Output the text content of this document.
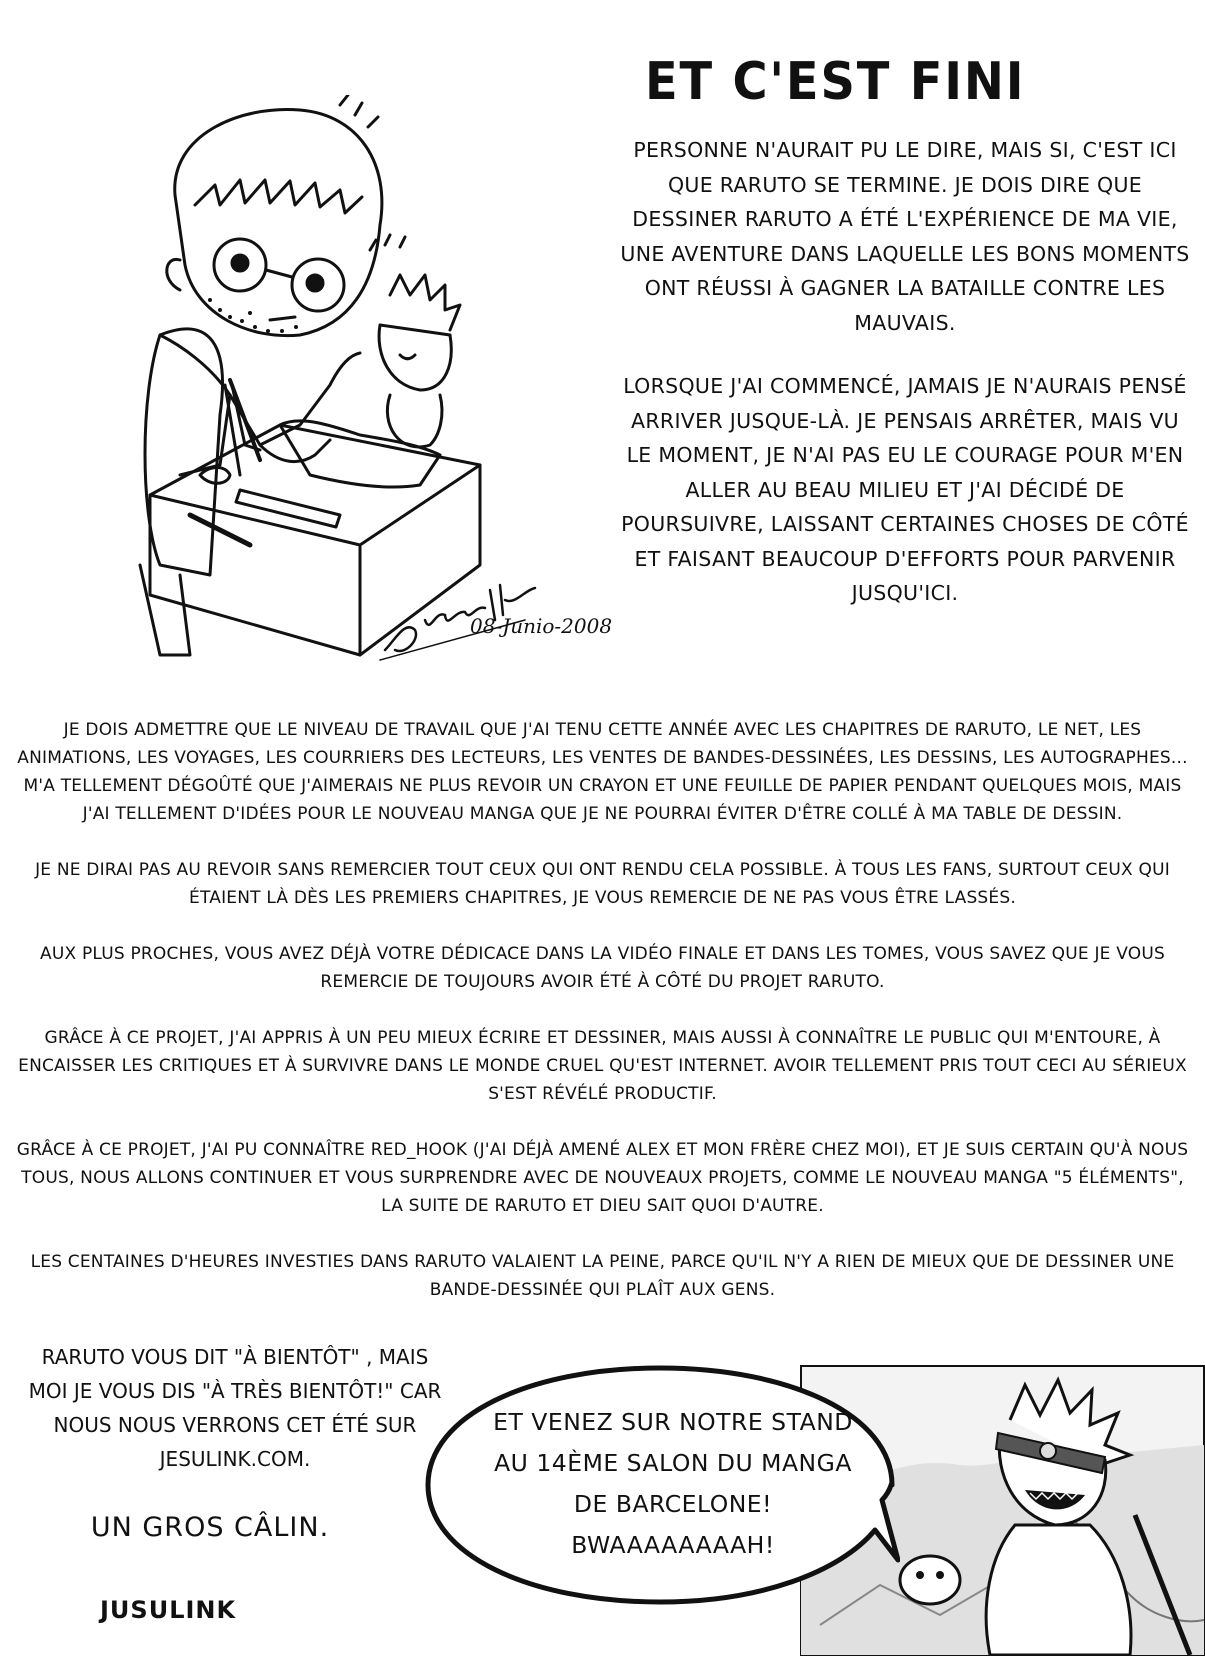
ET C'EST FINI
08-Junio-2008

PERSONNE N'AURAIT PU LE DIRE, MAIS SI, C'EST ICI QUE RARUTO SE TERMINE. JE DOIS DIRE QUE DESSINER RARUTO A ÉTÉ L'EXPÉRIENCE DE MA VIE, UNE AVENTURE DANS LAQUELLE LES BONS MOMENTS ONT RÉUSSI À GAGNER LA BATAILLE CONTRE LES MAUVAIS.

LORSQUE J'AI COMMENCÉ, JAMAIS JE N'AURAIS PENSÉ ARRIVER JUSQUE-LÀ. JE PENSAIS ARRÊTER, MAIS VU LE MOMENT, JE N'AI PAS EU LE COURAGE POUR M'EN ALLER AU BEAU MILIEU ET J'AI DÉCIDÉ DE POURSUIVRE, LAISSANT CERTAINES CHOSES DE CÔTÉ ET FAISANT BEAUCOUP D'EFFORTS POUR PARVENIR JUSQU'ICI.

JE DOIS ADMETTRE QUE LE NIVEAU DE TRAVAIL QUE J'AI TENU CETTE ANNÉE AVEC LES CHAPITRES DE RARUTO, LE NET, LES ANIMATIONS, LES VOYAGES, LES COURRIERS DES LECTEURS, LES VENTES DE BANDES-DESSINÉES, LES DESSINS, LES AUTOGRAPHES... M'A TELLEMENT DÉGOÛTÉ QUE J'AIMERAIS NE PLUS REVOIR UN CRAYON ET UNE FEUILLE DE PAPIER PENDANT QUELQUES MOIS, MAIS J'AI TELLEMENT D'IDÉES POUR LE NOUVEAU MANGA QUE JE NE POURRAI ÉVITER D'ÊTRE COLLÉ À MA TABLE DE DESSIN.

JE NE DIRAI PAS AU REVOIR SANS REMERCIER TOUT CEUX QUI ONT RENDU CELA POSSIBLE. À TOUS LES FANS, SURTOUT CEUX QUI ÉTAIENT LÀ DÈS LES PREMIERS CHAPITRES, JE VOUS REMERCIE DE NE PAS VOUS ÊTRE LASSÉS.

AUX PLUS PROCHES, VOUS AVEZ DÉJÀ VOTRE DÉDICACE DANS LA VIDÉO FINALE ET DANS LES TOMES, VOUS SAVEZ QUE JE VOUS REMERCIE DE TOUJOURS AVOIR ÉTÉ À CÔTÉ DU PROJET RARUTO.

GRÂCE À CE PROJET, J'AI APPRIS À UN PEU MIEUX ÉCRIRE ET DESSINER, MAIS AUSSI À CONNAÎTRE LE PUBLIC QUI M'ENTOURE, À ENCAISSER LES CRITIQUES ET À SURVIVRE DANS LE MONDE CRUEL QU'EST INTERNET. AVOIR TELLEMENT PRIS TOUT CECI AU SÉRIEUX S'EST RÉVÉLÉ PRODUCTIF.

GRÂCE À CE PROJET, J'AI PU CONNAÎTRE RED_HOOK (J'AI DÉJÀ AMENÉ ALEX ET MON FRÈRE CHEZ MOI), ET JE SUIS CERTAIN QU'À NOUS TOUS, NOUS ALLONS CONTINUER ET VOUS SURPRENDRE AVEC DE NOUVEAUX PROJETS, COMME LE NOUVEAU MANGA "5 ÉLÉMENTS", LA SUITE DE RARUTO ET DIEU SAIT QUOI D'AUTRE.

LES CENTAINES D'HEURES INVESTIES DANS RARUTO VALAIENT LA PEINE, PARCE QU'IL N'Y A RIEN DE MIEUX QUE DE DESSINER UNE BANDE-DESSINÉE QUI PLAÎT AUX GENS.

RARUTO VOUS DIT "À BIENTÔT" , MAIS MOI JE VOUS DIS "À TRÈS BIENTÔT!" CAR NOUS NOUS VERRONS CET ÉTÉ SUR JESULINK.COM.
UN GROS CÂLIN.
JUSULINK
ET VENEZ SUR NOTRE STAND AU 14ÈME SALON DU MANGA DE BARCELONE! BWAAAAAAAAH!
